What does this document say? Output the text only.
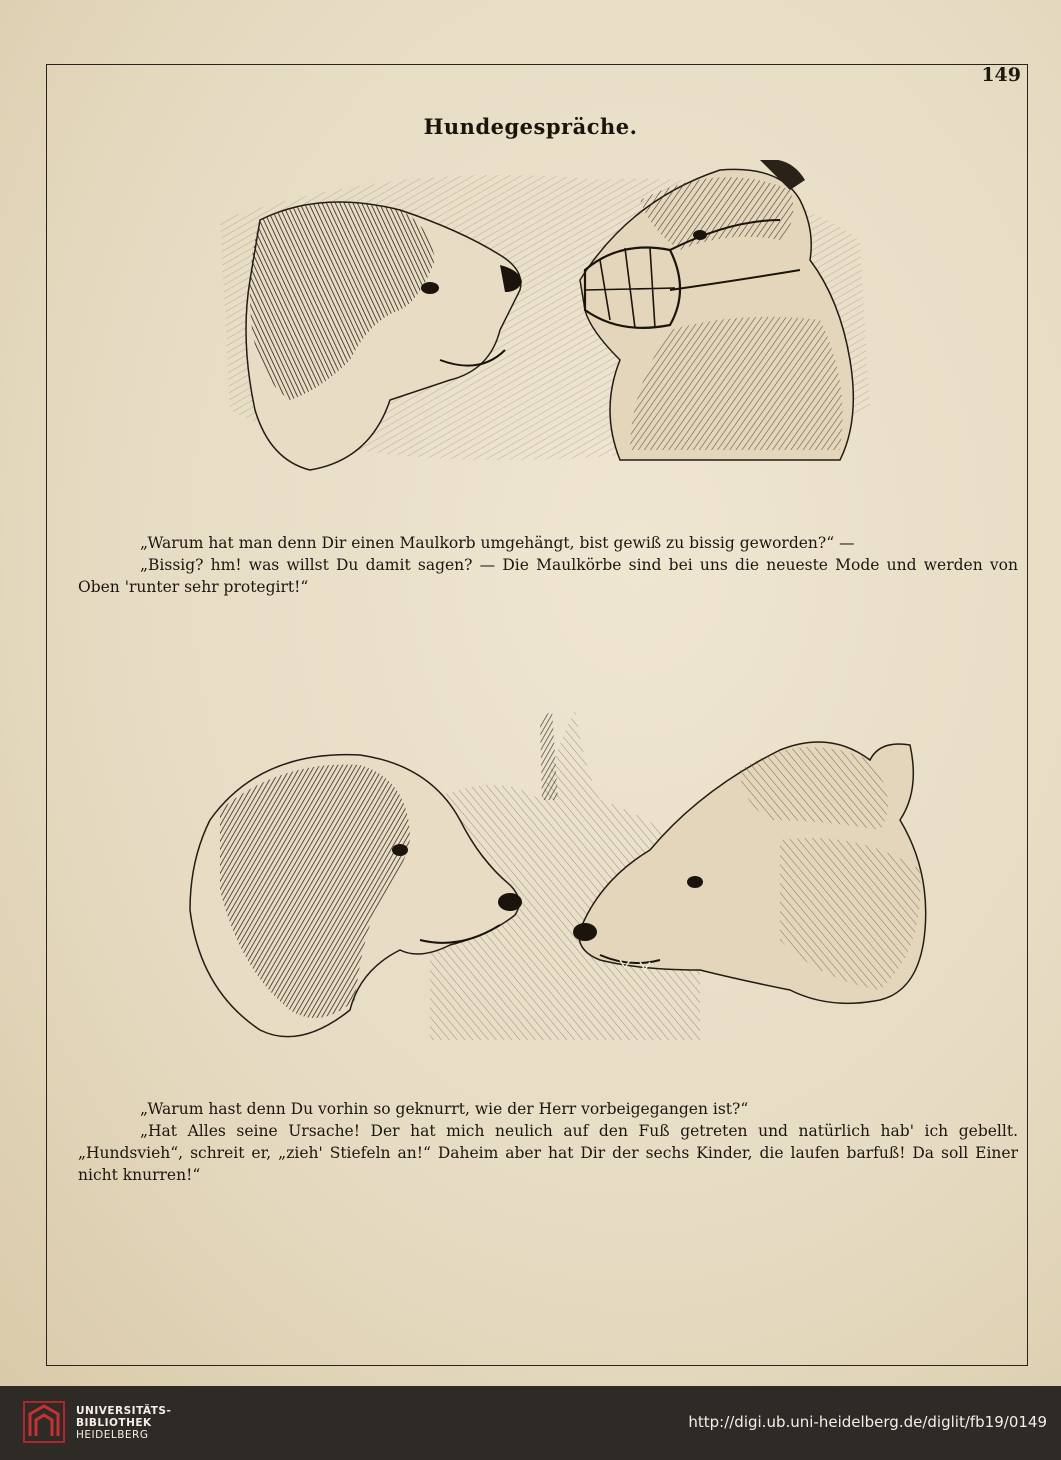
149
Hundegespräche.

„Warum hat man denn Dir einen Maulkorb umgehängt, bist gewiß zu bissig geworden?“ —

„Bissig? hm! was willst Du damit sagen? — Die Maulkörbe sind bei uns die neueste Mode und werden von Oben 'runter sehr protegirt!“

„Warum hast denn Du vorhin so geknurrt, wie der Herr vorbeigegangen ist?“

„Hat Alles seine Ursache! Der hat mich neulich auf den Fuß getreten und natürlich hab' ich gebellt. „Hundsvieh“, schreit er, „zieh' Stiefeln an!“ Daheim aber hat Dir der sechs Kinder, die laufen barfuß! Da soll Einer nicht knurren!“

UNIVERSITÄTS-
BIBLIOTHEK
HEIDELBERG
http://digi.ub.uni-heidelberg.de/diglit/fb19/0149
